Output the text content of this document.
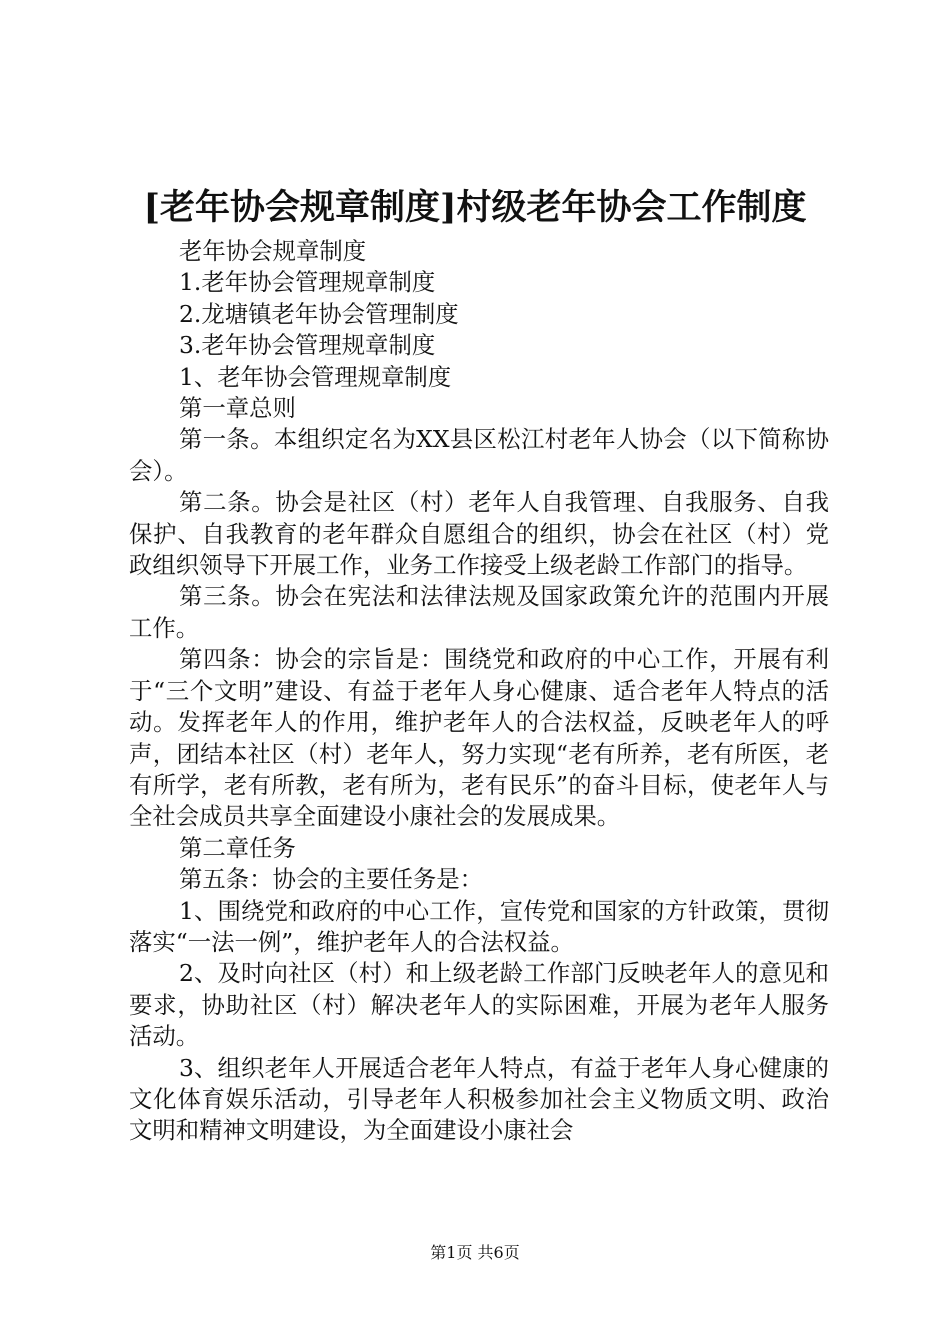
[老年协会规章制度]村级老年协会工作制度

老年协会规章制度

1.老年协会管理规章制度

2.龙塘镇老年协会管理制度

3.老年协会管理规章制度

1、老年协会管理规章制度

第一章总则

第一条。本组织定名为XX县区松江村老年人协会（以下简称协会）。

第二条。协会是社区（村）老年人自我管理、自我服务、自我保护、自我教育的老年群众自愿组合的组织，协会在社区（村）党政组织领导下开展工作，业务工作接受上级老龄工作部门的指导。

第三条。协会在宪法和法律法规及国家政策允许的范围内开展工作。

第四条：协会的宗旨是：围绕党和政府的中心工作，开展有利于“三个文明”建设、有益于老年人身心健康、适合老年人特点的活动。发挥老年人的作用，维护老年人的合法权益，反映老年人的呼声，团结本社区（村）老年人，努力实现“老有所养，老有所医，老有所学，老有所教，老有所为，老有民乐”的奋斗目标，使老年人与全社会成员共享全面建设小康社会的发展成果。

第二章任务

第五条：协会的主要任务是：

1、围绕党和政府的中心工作，宣传党和国家的方针政策，贯彻落实“一法一例”，维护老年人的合法权益。

2、及时向社区（村）和上级老龄工作部门反映老年人的意见和要求，协助社区（村）解决老年人的实际困难，开展为老年人服务活动。

3、组织老年人开展适合老年人特点，有益于老年人身心健康的文化体育娱乐活动，引导老年人积极参加社会主义物质文明、政治文明和精神文明建设，为全面建设小康社会

第1页 共6页
